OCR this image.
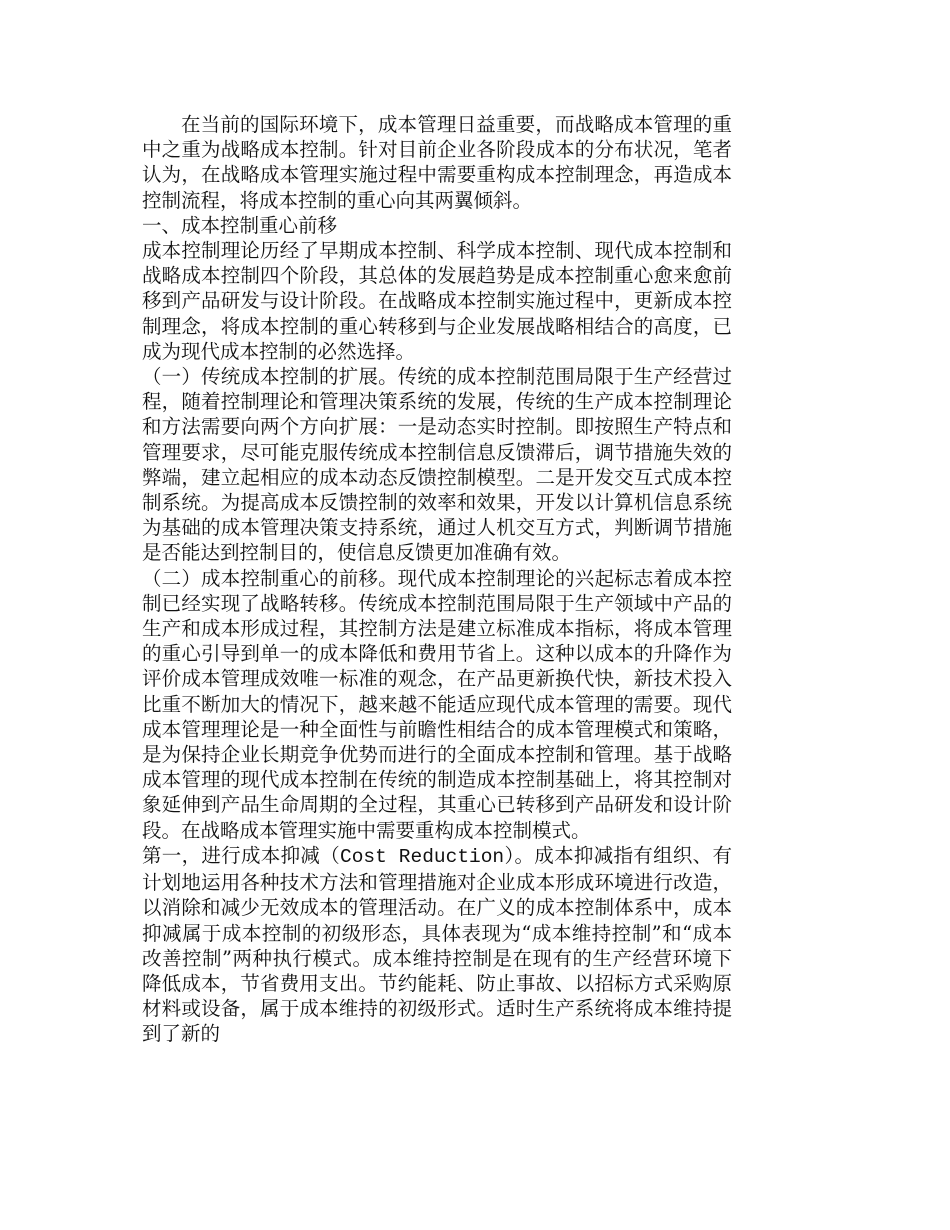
在当前的国际环境下，成本管理日益重要，而战略成本管理的重中之重为战略成本控制。针对目前企业各阶段成本的分布状况，笔者认为，在战略成本管理实施过程中需要重构成本控制理念，再造成本控制流程，将成本控制的重心向其两翼倾斜。

一、成本控制重心前移

成本控制理论历经了早期成本控制、科学成本控制、现代成本控制和战略成本控制四个阶段，其总体的发展趋势是成本控制重心愈来愈前移到产品研发与设计阶段。在战略成本控制实施过程中，更新成本控制理念，将成本控制的重心转移到与企业发展战略相结合的高度，已成为现代成本控制的必然选择。

（一）传统成本控制的扩展。传统的成本控制范围局限于生产经营过程，随着控制理论和管理决策系统的发展，传统的生产成本控制理论和方法需要向两个方向扩展：一是动态实时控制。即按照生产特点和管理要求，尽可能克服传统成本控制信息反馈滞后，调节措施失效的弊端，建立起相应的成本动态反馈控制模型。二是开发交互式成本控制系统。为提高成本反馈控制的效率和效果，开发以计算机信息系统为基础的成本管理决策支持系统，通过人机交互方式，判断调节措施是否能达到控制目的，使信息反馈更加准确有效。

（二）成本控制重心的前移。现代成本控制理论的兴起标志着成本控制已经实现了战略转移。传统成本控制范围局限于生产领域中产品的生产和成本形成过程，其控制方法是建立标准成本指标，将成本管理的重心引导到单一的成本降低和费用节省上。这种以成本的升降作为评价成本管理成效唯一标准的观念，在产品更新换代快，新技术投入比重不断加大的情况下，越来越不能适应现代成本管理的需要。现代成本管理理论是一种全面性与前瞻性相结合的成本管理模式和策略，是为保持企业长期竞争优势而进行的全面成本控制和管理。基于战略成本管理的现代成本控制在传统的制造成本控制基础上，将其控制对象延伸到产品生命周期的全过程，其重心已转移到产品研发和设计阶段。在战略成本管理实施中需要重构成本控制模式。

第一，进行成本抑减（Cost Reduction）。成本抑减指有组织、有计划地运用各种技术方法和管理措施对企业成本形成环境进行改造，以消除和减少无效成本的管理活动。在广义的成本控制体系中，成本抑减属于成本控制的初级形态，具体表现为“成本维持控制”和“成本改善控制”两种执行模式。成本维持控制是在现有的生产经营环境下降低成本，节省费用支出。节约能耗、防止事故、以招标方式采购原材料或设备，属于成本维持的初级形式。适时生产系统将成本维持提到了新的
